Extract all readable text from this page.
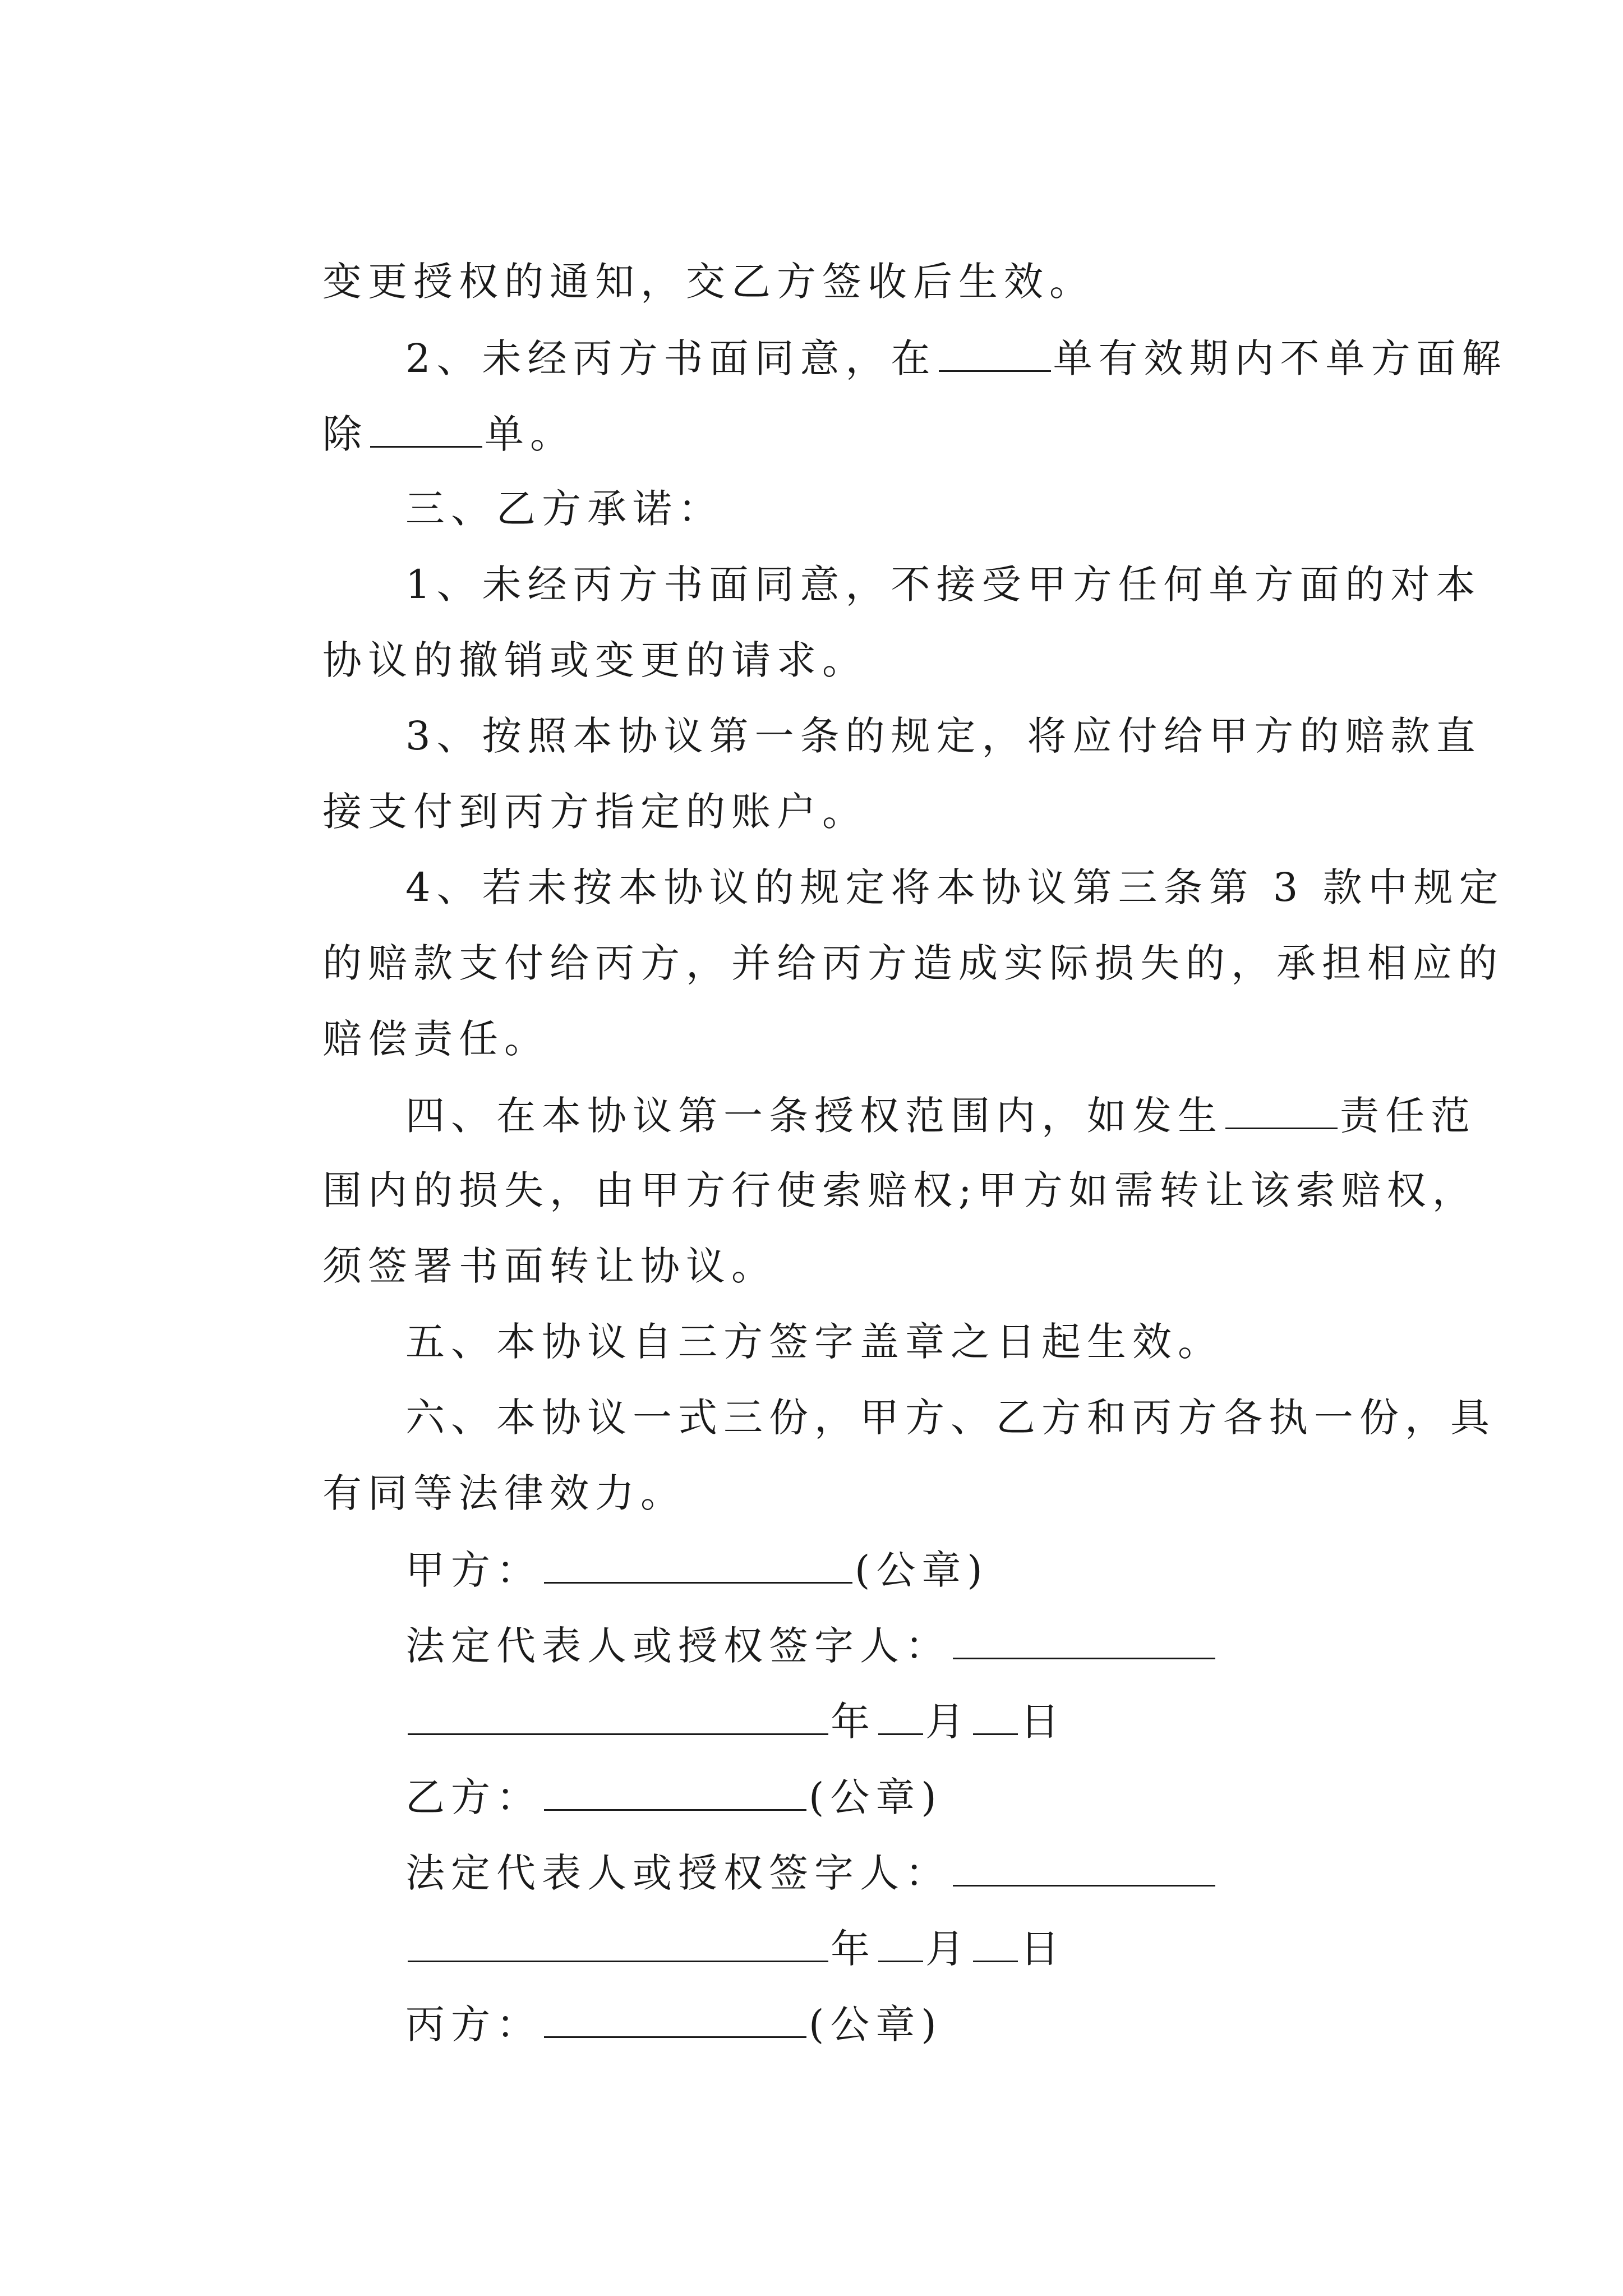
变更授权的通知，交乙方签收后生效。

2、未经丙方书面同意，在	单有效期内不单方面解

除	单。

三、乙方承诺：

1、未经丙方书面同意，不接受甲方任何单方面的对本

协议的撤销或变更的请求。

3、按照本协议第一条的规定，将应付给甲方的赔款直

接支付到丙方指定的账户。

4、若未按本协议的规定将本协议第三条第 3 款中规定

的赔款支付给丙方，并给丙方造成实际损失的，承担相应的

赔偿责任。

四、在本协议第一条授权范围内，如发生	责任范

围内的损失，由甲方行使索赔权;甲方如需转让该索赔权，

须签署书面转让协议。

五、本协议自三方签字盖章之日起生效。

六、本协议一式三份，甲方、乙方和丙方各执一份，具

有同等法律效力。

甲方：	(公章)

法定代表人或授权签字人：

年 月 日

乙方：	(公章)

法定代表人或授权签字人：

年 月 日

丙方：	(公章)
